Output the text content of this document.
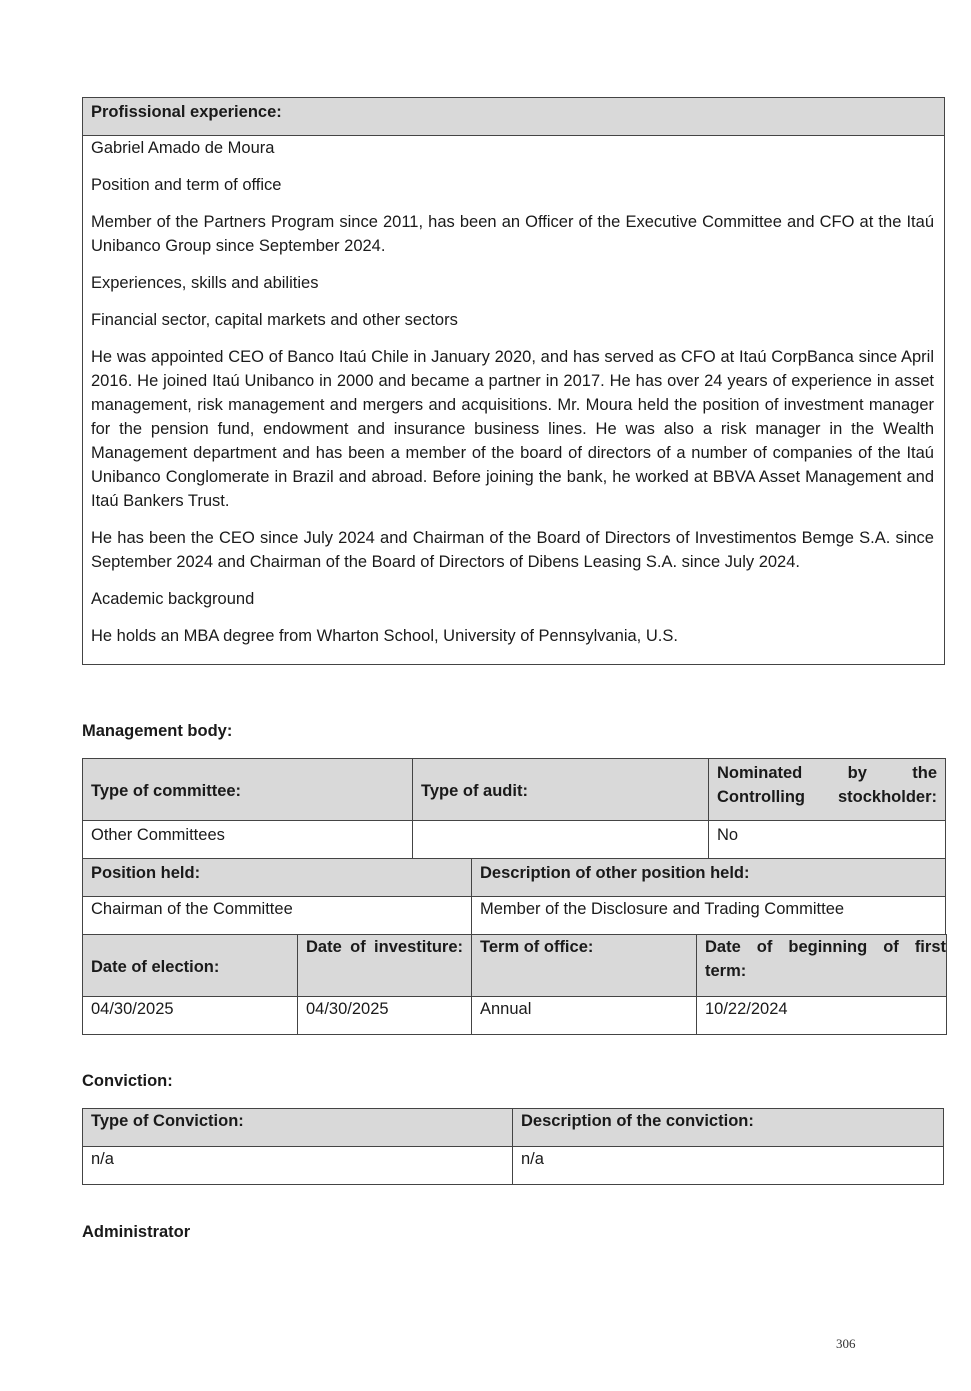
Profissional experience:

Gabriel Amado de Moura

Position and term of office

Member of the Partners Program since 2011, has been an Officer of the Executive Committee and CFO at the Itaú Unibanco Group since September 2024.

Experiences, skills and abilities

Financial sector, capital markets and other sectors

He was appointed CEO of Banco Itaú Chile in January 2020, and has served as CFO at Itaú CorpBanca since April 2016. He joined Itaú Unibanco in 2000 and became a partner in 2017. He has over 24 years of experience in asset management, risk management and mergers and acquisitions. Mr. Moura held the position of investment manager for the pension fund, endowment and insurance business lines. He was also a risk manager in the Wealth Management department and has been a member of the board of directors of a number of companies of the Itaú Unibanco Conglomerate in Brazil and abroad. Before joining the bank, he worked at BBVA Asset Management and Itaú Bankers Trust.

He has been the CEO since July 2024 and Chairman of the Board of Directors of Investimentos Bemge S.A. since September 2024 and Chairman of the Board of Directors of Dibens Leasing S.A. since July 2024.

Academic background

He holds an MBA degree from Wharton School, University of Pennsylvania, U.S.

Management body:
Type of committee:	Type of audit:	Nominated by the Controlling stockholder:
Other Committees		No
Position held:	Description of other position held:
Chairman of the Committee	Member of the Disclosure and Trading Committee
Date of election:	Date of investiture:	Term of office:	Date of beginning of first term:
04/30/2025	04/30/2025	Annual	10/22/2024
Conviction:
Type of Conviction:	Description of the conviction:
n/a	n/a
Administrator
306
